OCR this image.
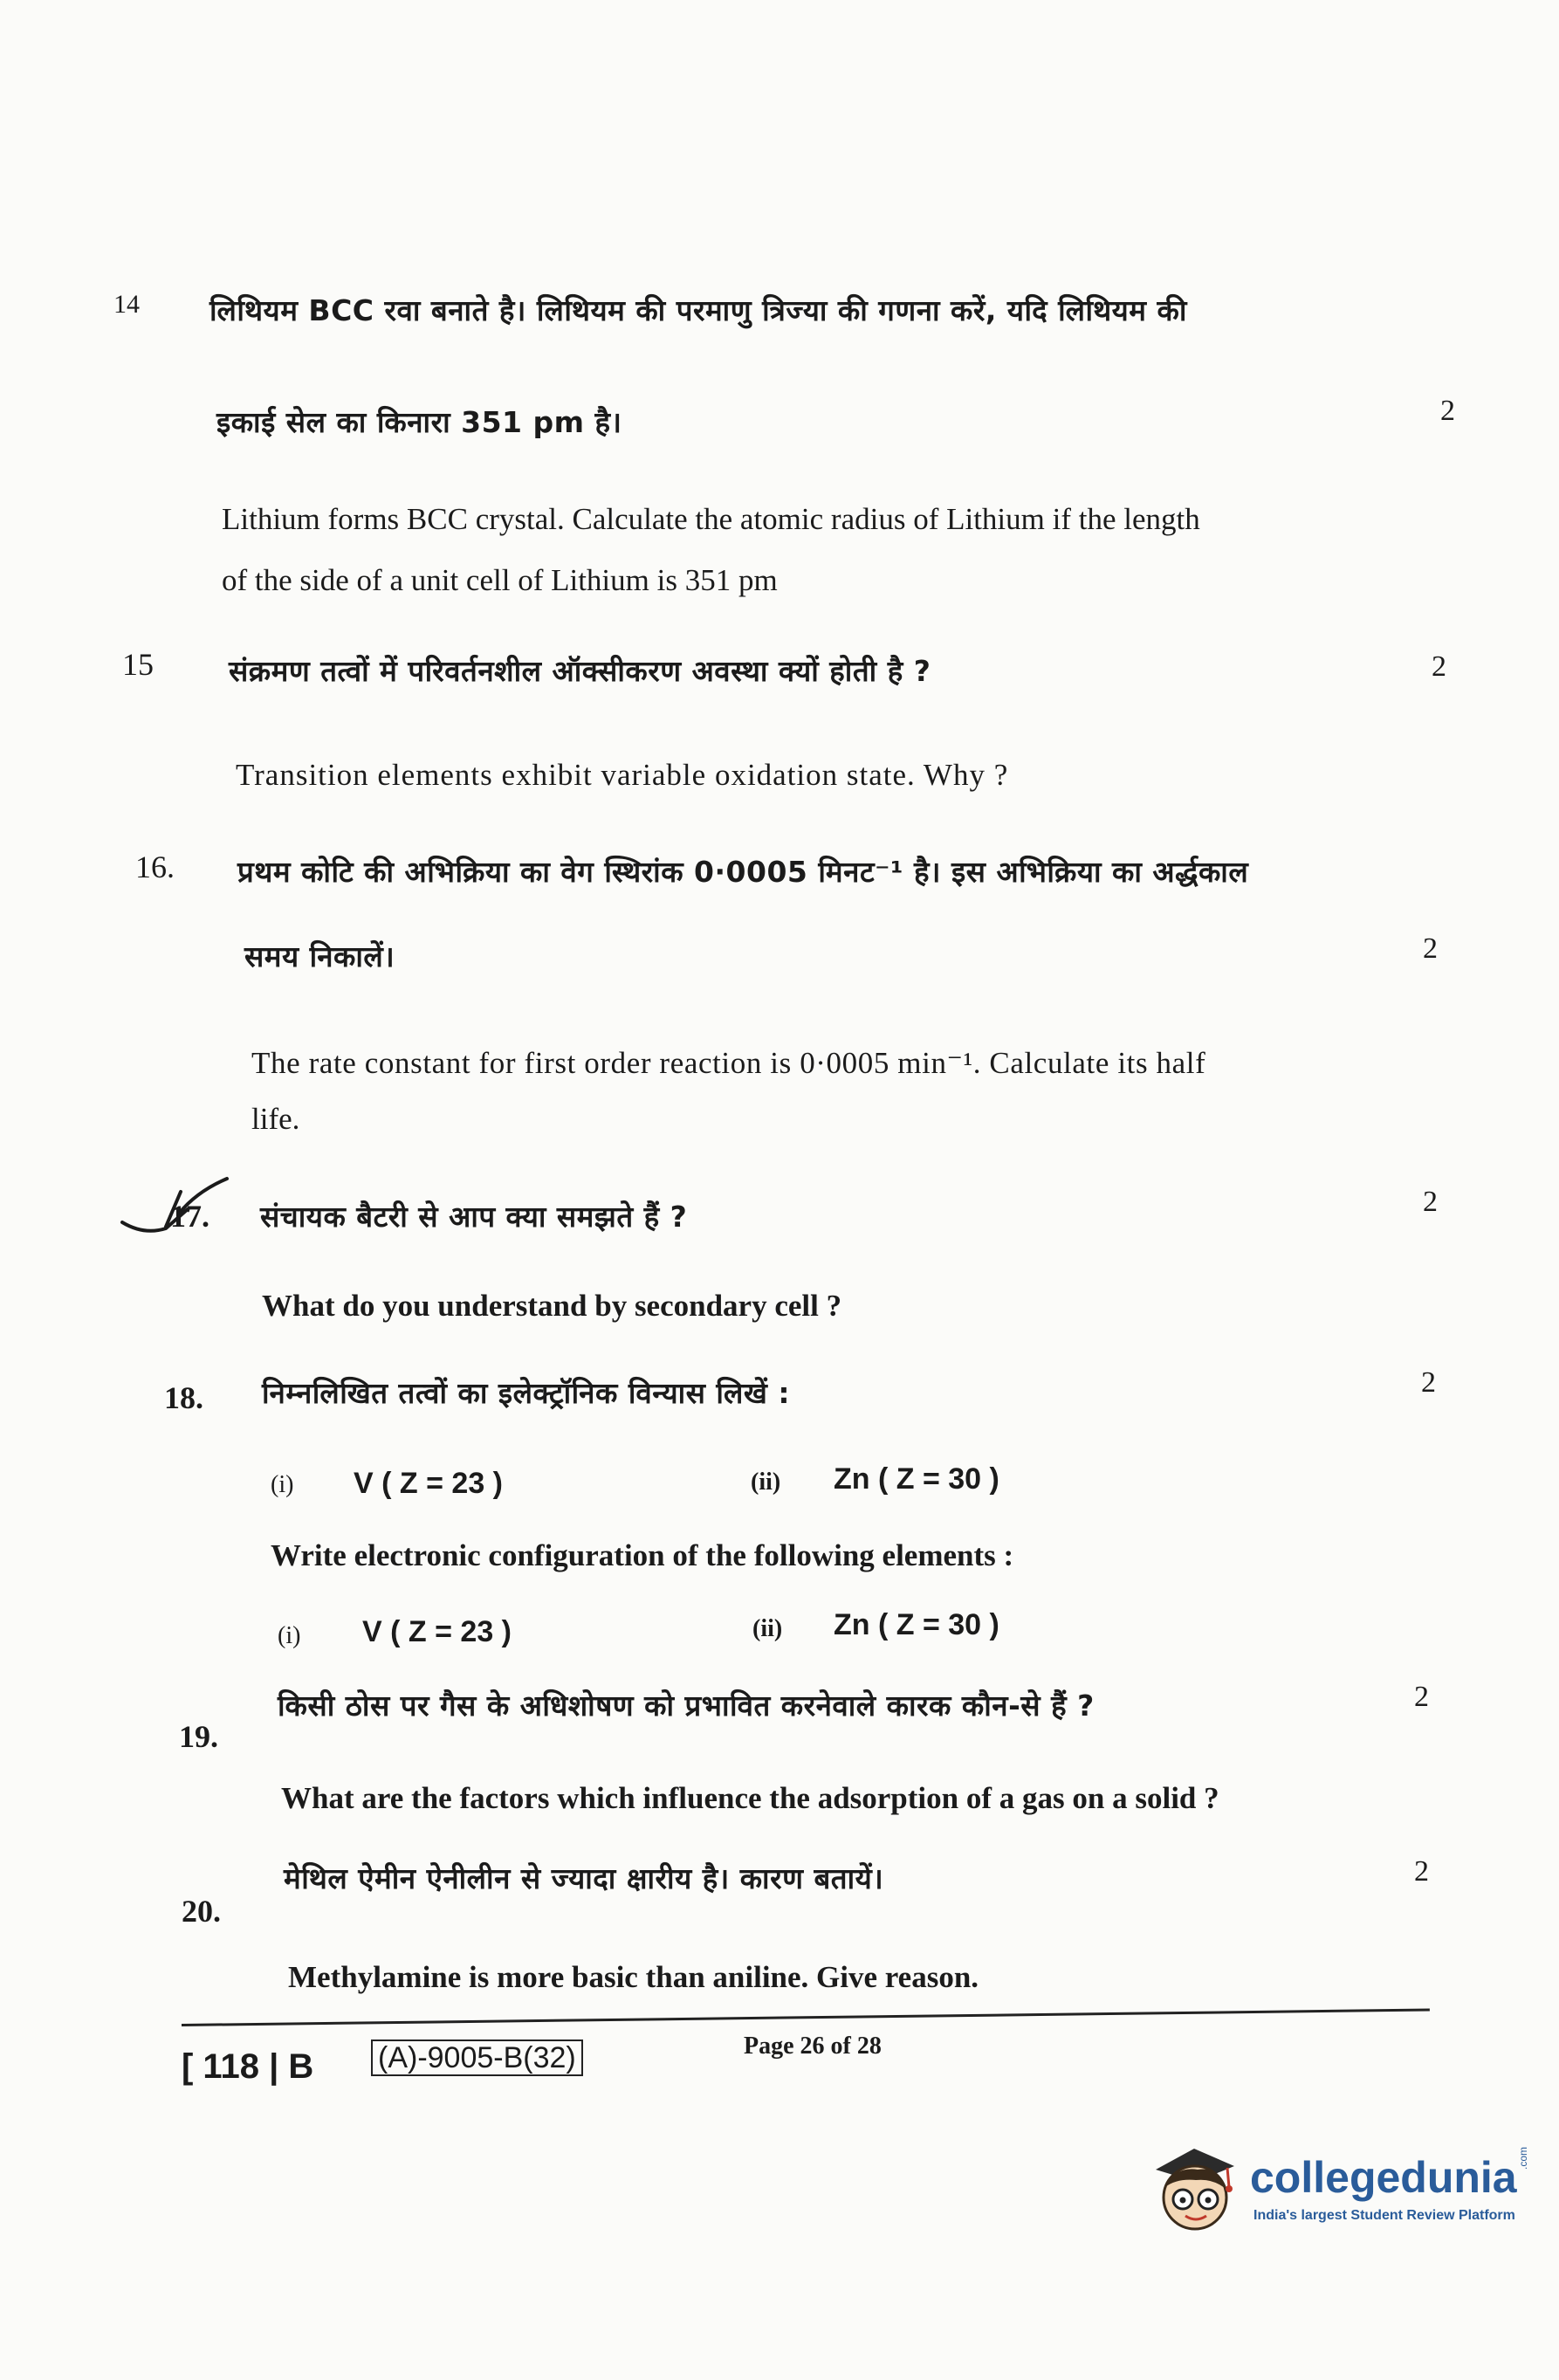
14 लिथियम BCC रवा बनाते है। लिथियम की परमाणु त्रिज्या की गणना करें, यदि लिथियम की
इकाई सेल का किनारा 351 pm है।	2
Lithium forms BCC crystal. Calculate the atomic radius of Lithium if the length
of the side of a unit cell of Lithium is 351 pm
15	संक्रमण तत्वों में परिवर्तनशील ऑक्सीकरण अवस्था क्यों होती है ?	2
Transition elements exhibit variable oxidation state. Why ?
16. प्रथम कोटि की अभिक्रिया का वेग स्थिरांक 0·0005 मिनट⁻¹ है। इस अभिक्रिया का अर्द्धकाल
समय निकालें।	2
The rate constant for first order reaction is 0·0005 min⁻¹. Calculate its half
life.
17. संचायक बैटरी से आप क्या समझते हैं ?	2
What do you understand by secondary cell ?
18. निम्नलिखित तत्वों का इलेक्ट्रॉनिक विन्यास लिखें :	2
(i) V ( Z = 23 )	(ii) Zn ( Z = 30 )
Write electronic configuration of the following elements :
(i) V ( Z = 23 )	(ii) Zn ( Z = 30 )
19.
किसी ठोस पर गैस के अधिशोषण को प्रभावित करनेवाले कारक कौन-से हैं ?	2
What are the factors which influence the adsorption of a gas on a solid ?
20.
मेथिल ऐमीन ऐनीलीन से ज्यादा क्षारीय है। कारण बतायें।	2
Methylamine is more basic than aniline. Give reason.
[ 118 | B (A)-9005-B(32)	Page 26 of 28
collegedunia .com
India's largest Student Review Platform
